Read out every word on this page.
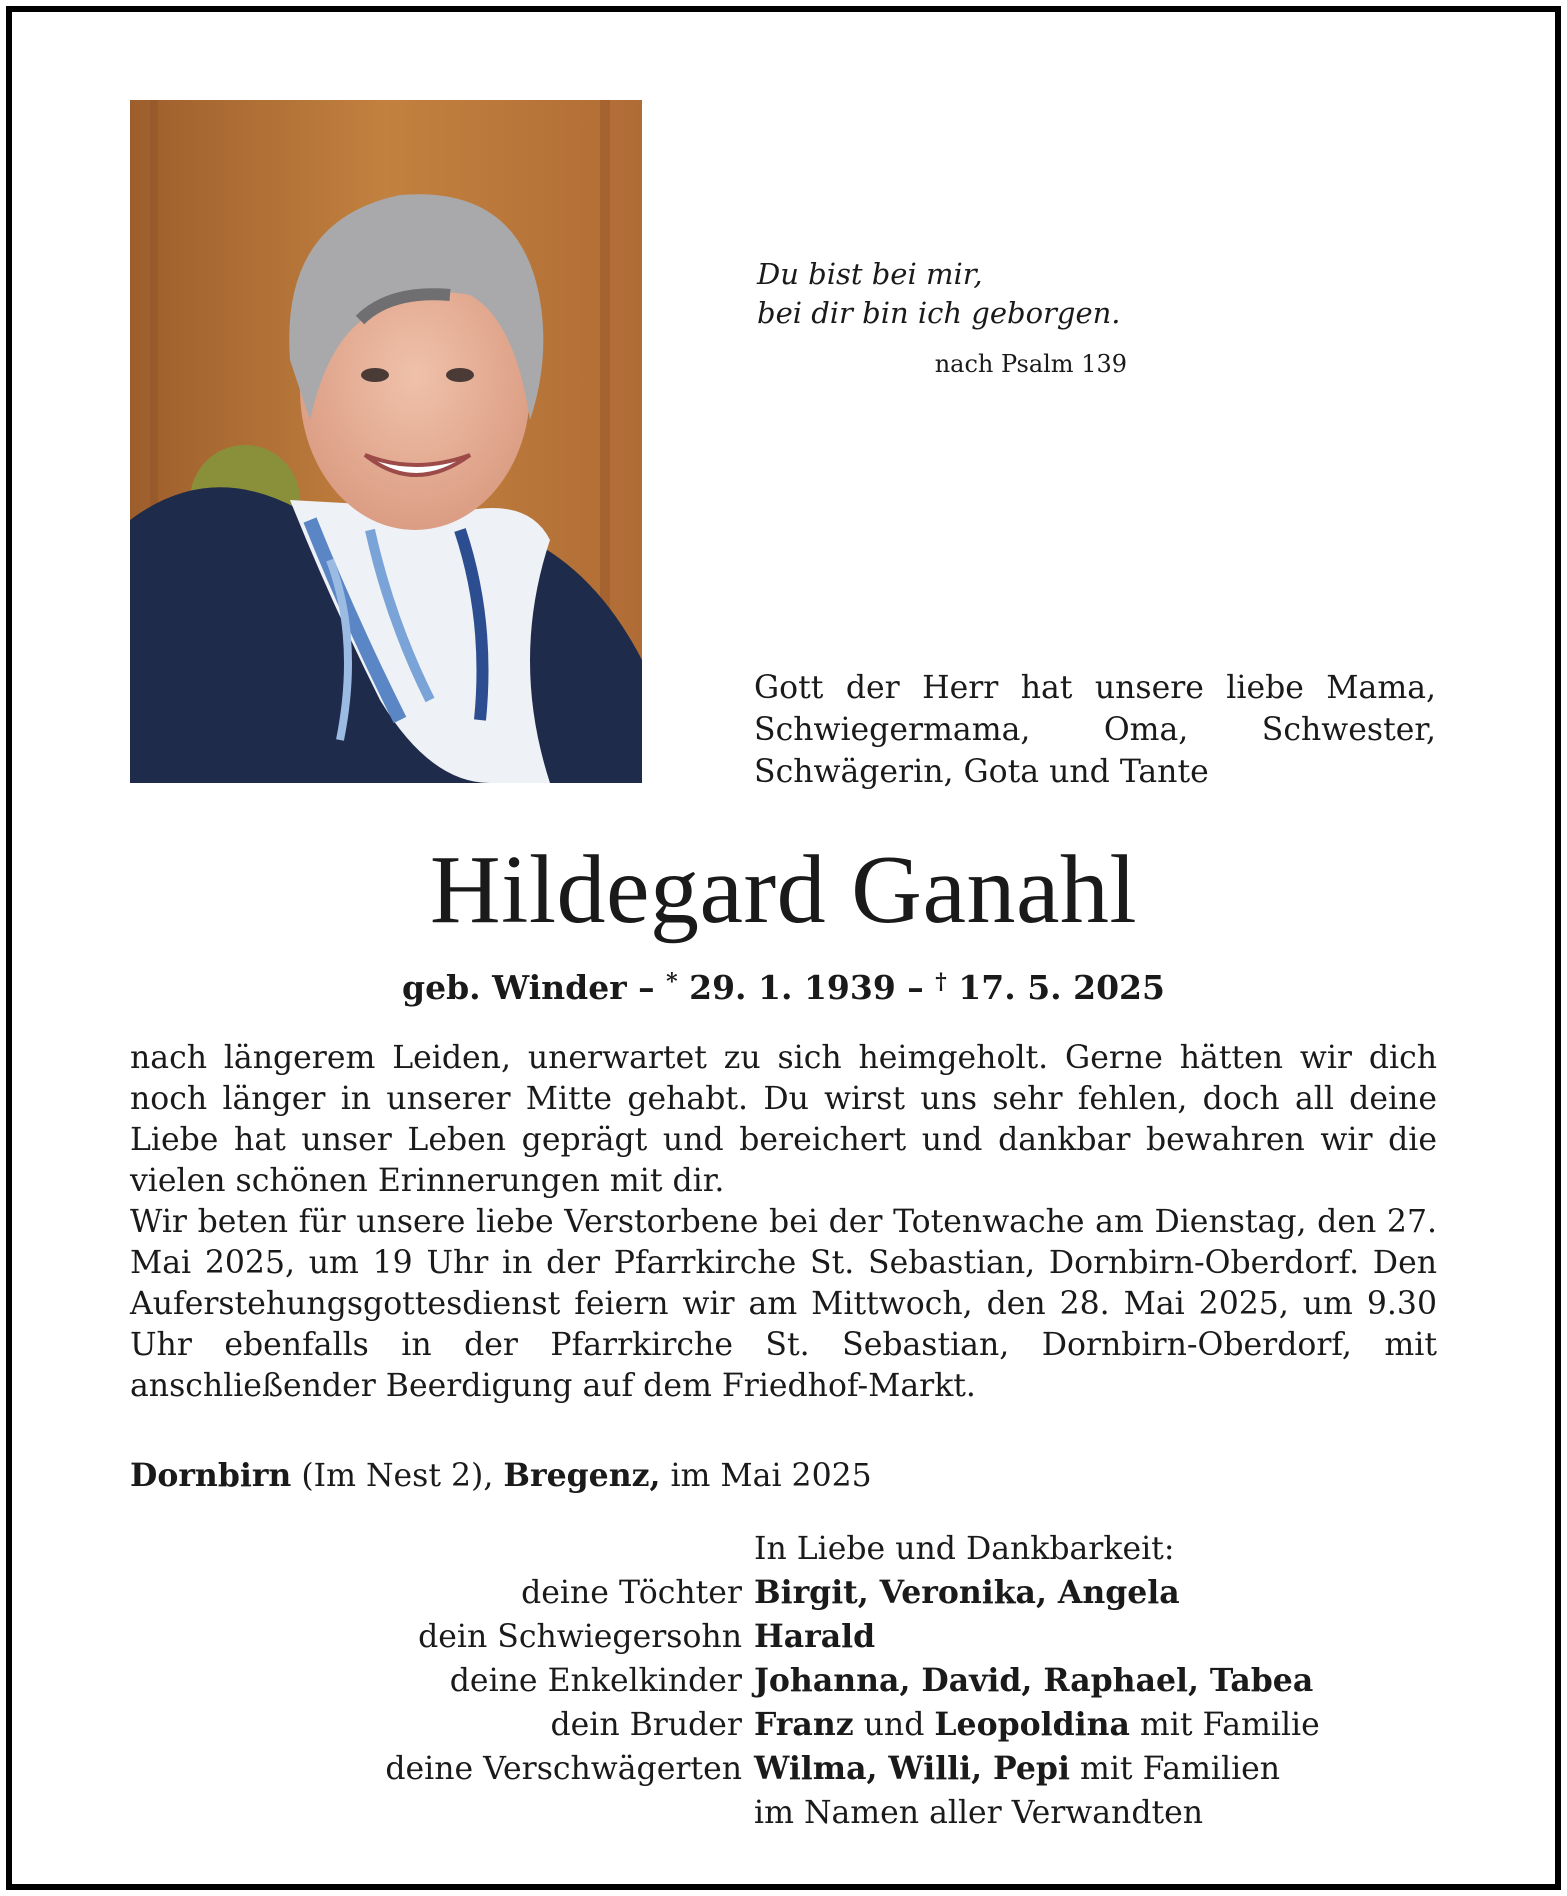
Du bist bei mir,
bei dir bin ich geborgen.
nach Psalm 139
Gott der Herr hat unsere liebe Mama, Schwiegermama, Oma, Schwester, Schwägerin, Gota und Tante
Hildegard Ganahl
geb. Winder – * 29. 1. 1939 – † 17. 5. 2025

nach längerem Leiden, unerwartet zu sich heimgeholt. Gerne hätten wir dich noch länger in unserer Mitte gehabt. Du wirst uns sehr fehlen, doch all deine Liebe hat unser Leben geprägt und bereichert und dankbar bewahren wir die vielen schönen Erinnerungen mit dir.

Wir beten für unsere liebe Verstorbene bei der Totenwache am Dienstag, den 27. Mai 2025, um 19 Uhr in der Pfarrkirche St. Sebastian, Dornbirn-Oberdorf. Den Auferstehungsgottesdienst feiern wir am Mittwoch, den 28. Mai 2025, um 9.30 Uhr ebenfalls in der Pfarrkirche St. Sebastian, Dornbirn-Oberdorf, mit anschließender Beerdigung auf dem Friedhof-Markt.

Dornbirn (Im Nest 2), Bregenz, im Mai 2025
In Liebe und Dankbarkeit:
deine Töchter Birgit, Veronika, Angela
dein Schwiegersohn Harald
deine Enkelkinder Johanna, David, Raphael, Tabea
dein Bruder Franz und Leopoldina mit Familie
deine Verschwägerten Wilma, Willi, Pepi mit Familien
im Namen aller Verwandten
